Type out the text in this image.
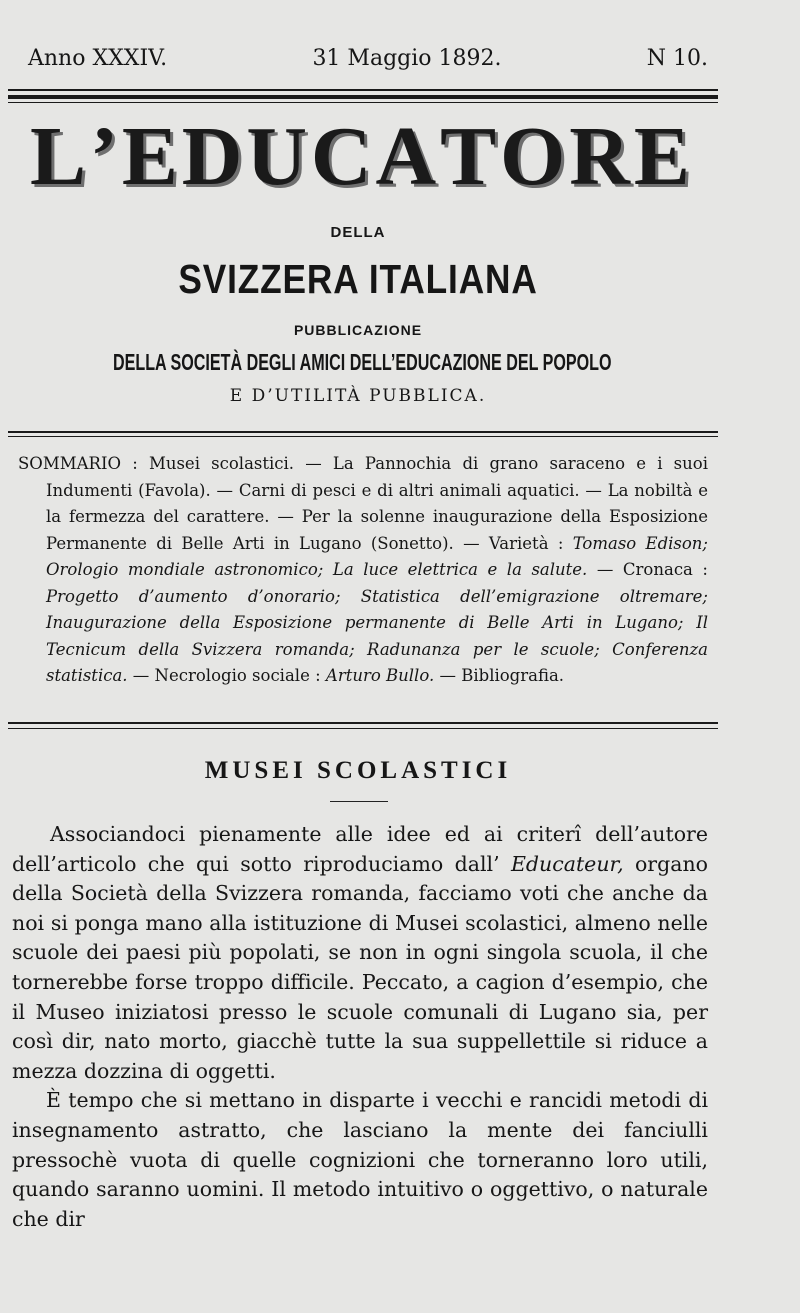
Anno XXXIV.	31 Maggio 1892.	N 10.
L ’ E D U C A T O R E
DELLA
SVIZZERA ITALIANA
PUBBLICAZIONE
DELLA SOCIETÀ DEGLI AMICI DELL’EDUCAZIONE DEL POPOLO
E D’UTILITÀ PUBBLICA.
SOMMARIO : Musei scolastici. — La Pannochia di grano saraceno e i suoi Indumenti (Favola). — Carni di pesci e di altri animali aquatici. — La nobiltà e la fermezza del carattere. — Per la solenne inaugurazione della Esposizione Permanente di Belle Arti in Lugano (Sonetto). — Varietà : Tomaso Edison; Orologio mondiale astronomico; La luce elettrica e la salute. — Cronaca : Progetto d’aumento d’onorario; Statistica dell’emigrazione oltremare; Inaugurazione della Esposizione permanente di Belle Arti in Lugano; Il Tecnicum della Svizzera romanda; Radunanza per le scuole; Conferenza statistica. — Necrologio sociale : Arturo Bullo. — Bibliografia.
MUSEI SCOLASTICI

Associandoci pienamente alle idee ed ai criterî dell’autore dell’articolo che qui sotto riproduciamo dall’ Educateur, organo della Società della Svizzera romanda, facciamo voti che anche da noi si ponga mano alla istituzione di Musei scolastici, almeno nelle scuole dei paesi più popolati, se non in ogni singola scuola, il che tornerebbe forse troppo difficile. Peccato, a cagion d’esempio, che il Museo iniziatosi presso le scuole comunali di Lugano sia, per così dir, nato morto, giacchè tutte la sua suppellettile si riduce a mezza dozzina di oggetti.

È tempo che si mettano in disparte i vecchi e rancidi metodi di insegnamento astratto, che lasciano la mente dei fanciulli pressochè vuota di quelle cognizioni che torneranno loro utili, quando saranno uomini. Il metodo intuitivo o oggettivo, o naturale che dir
